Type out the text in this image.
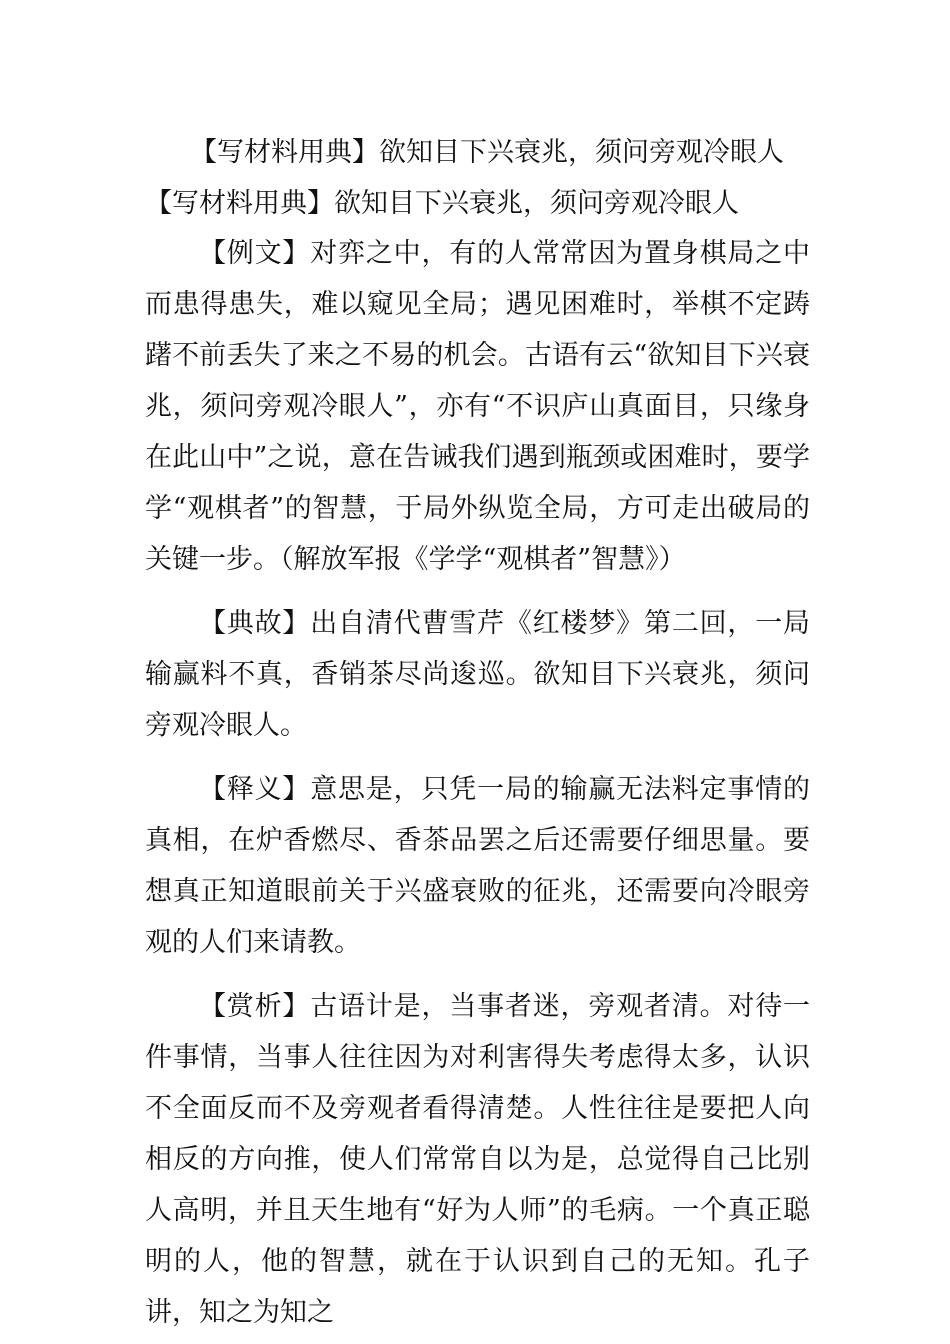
【写材料用典】欲知目下兴衰兆，须问旁观冷眼人
【写材料用典】欲知目下兴衰兆，须问旁观冷眼人

【例文】对弈之中，有的人常常因为置身棋局之中而患得患失，难以窥见全局；遇见困难时，举棋不定踌躇不前丢失了来之不易的机会。古语有云“欲知目下兴衰兆，须问旁观冷眼人”，亦有“不识庐山真面目，只缘身在此山中”之说，意在告诫我们遇到瓶颈或困难时，要学学“观棋者”的智慧，于局外纵览全局，方可走出破局的关键一步。（解放军报《学学“观棋者”智慧》）

【典故】出自清代曹雪芹《红楼梦》第二回，一局输赢料不真，香销茶尽尚逡巡。欲知目下兴衰兆，须问旁观冷眼人。

【释义】意思是，只凭一局的输赢无法料定事情的真相，在炉香燃尽、香茶品罢之后还需要仔细思量。要想真正知道眼前关于兴盛衰败的征兆，还需要向冷眼旁观的人们来请教。

【赏析】古语计是，当事者迷，旁观者清。对待一件事情，当事人往往因为对利害得失考虑得太多，认识不全面反而不及旁观者看得清楚。人性往往是要把人向相反的方向推，使人们常常自以为是，总觉得自己比别人高明，并且天生地有“好为人师”的毛病。一个真正聪明的人，他的智慧，就在于认识到自己的无知。孔子讲，知之为知之
